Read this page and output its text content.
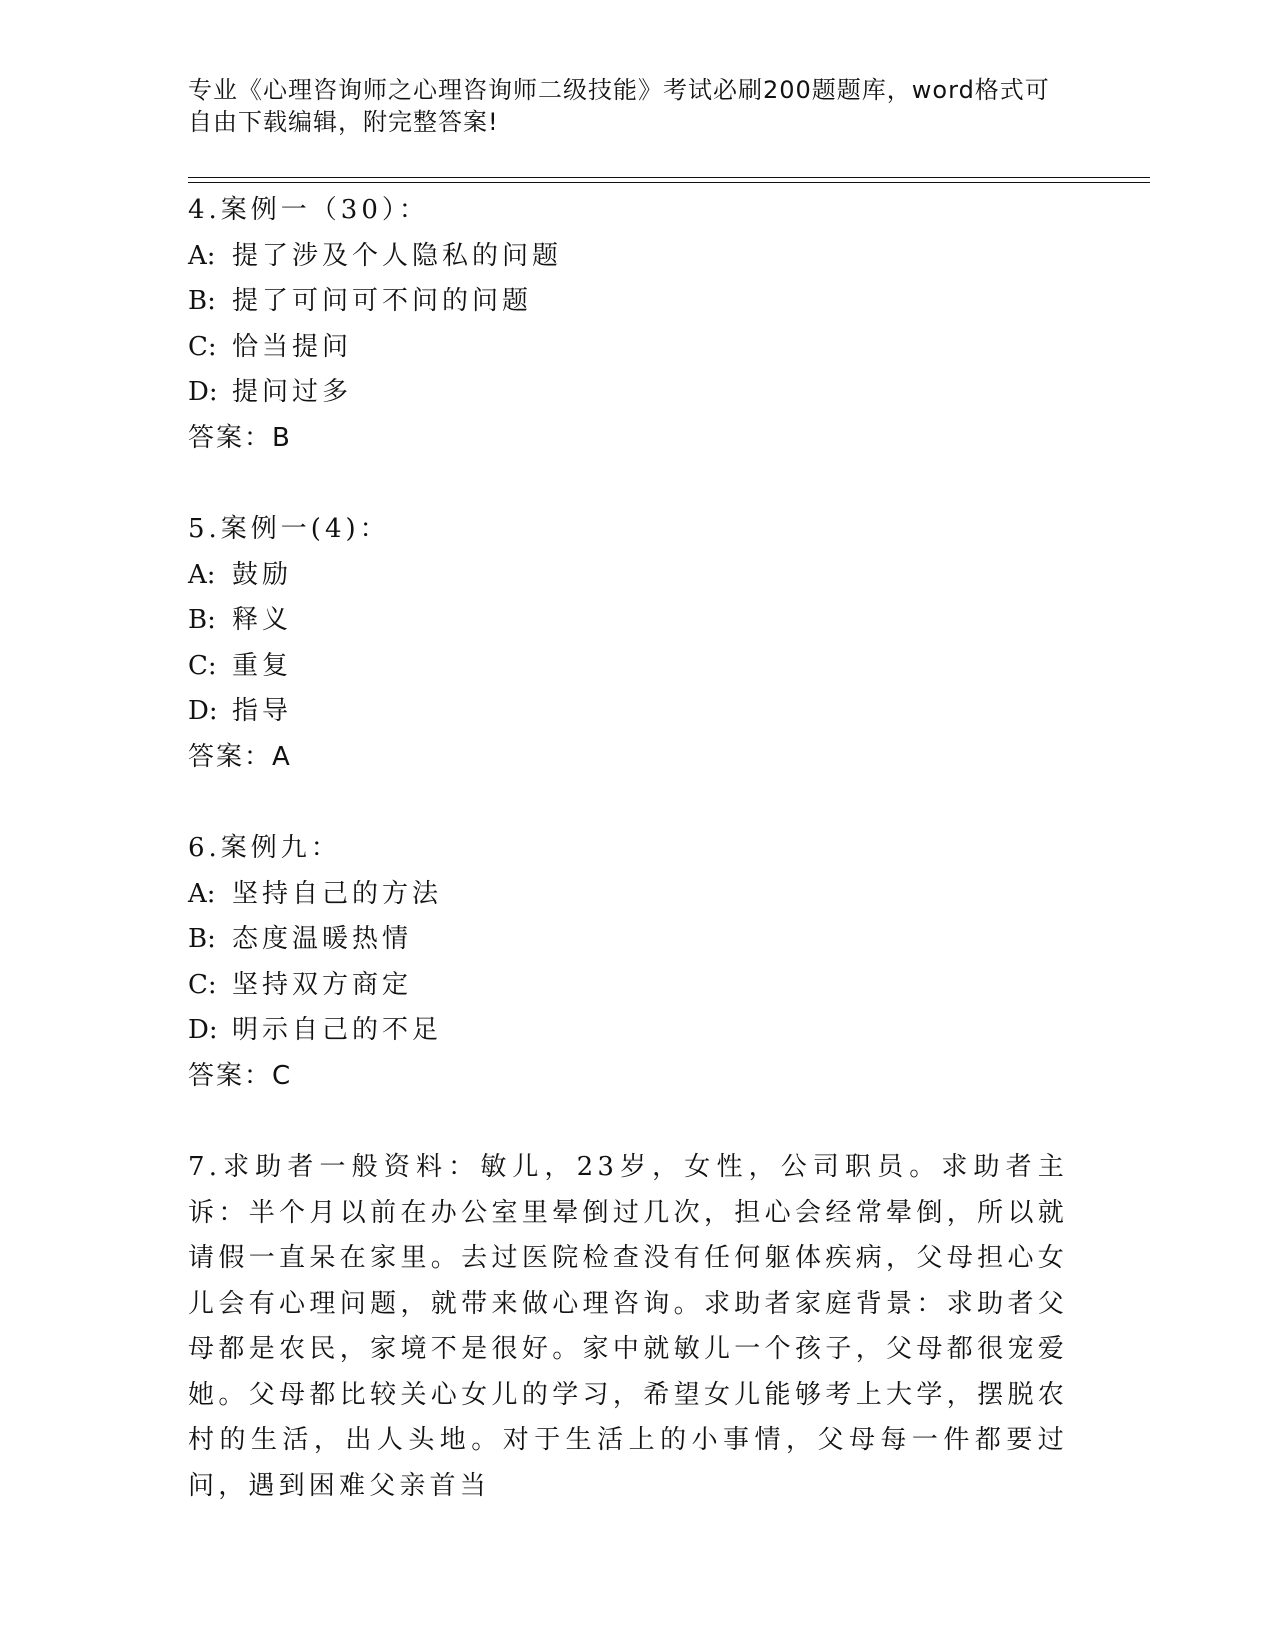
专业《心理咨询师之心理咨询师二级技能》考试必刷200题题库，word格式可自由下载编辑，附完整答案!
4.案例一（30）：
A: 提了涉及个人隐私的问题
B: 提了可问可不问的问题
C: 恰当提问
D: 提问过多
答案：B
5.案例一(4)：
A: 鼓励
B: 释义
C: 重复
D: 指导
答案：A
6.案例九：
A: 坚持自己的方法
B: 态度温暖热情
C: 坚持双方商定
D: 明示自己的不足
答案：C
7.求助者一般资料：敏儿，23岁，女性，公司职员。求助者主诉：半个月以前在办公室里晕倒过几次，担心会经常晕倒，所以就请假一直呆在家里。去过医院检查没有任何躯体疾病，父母担心女儿会有心理问题，就带来做心理咨询。求助者家庭背景：求助者父母都是农民，家境不是很好。家中就敏儿一个孩子，父母都很宠爱她。父母都比较关心女儿的学习，希望女儿能够考上大学，摆脱农村的生活，出人头地。对于生活上的小事情，父母每一件都要过问，遇到困难父亲首当
